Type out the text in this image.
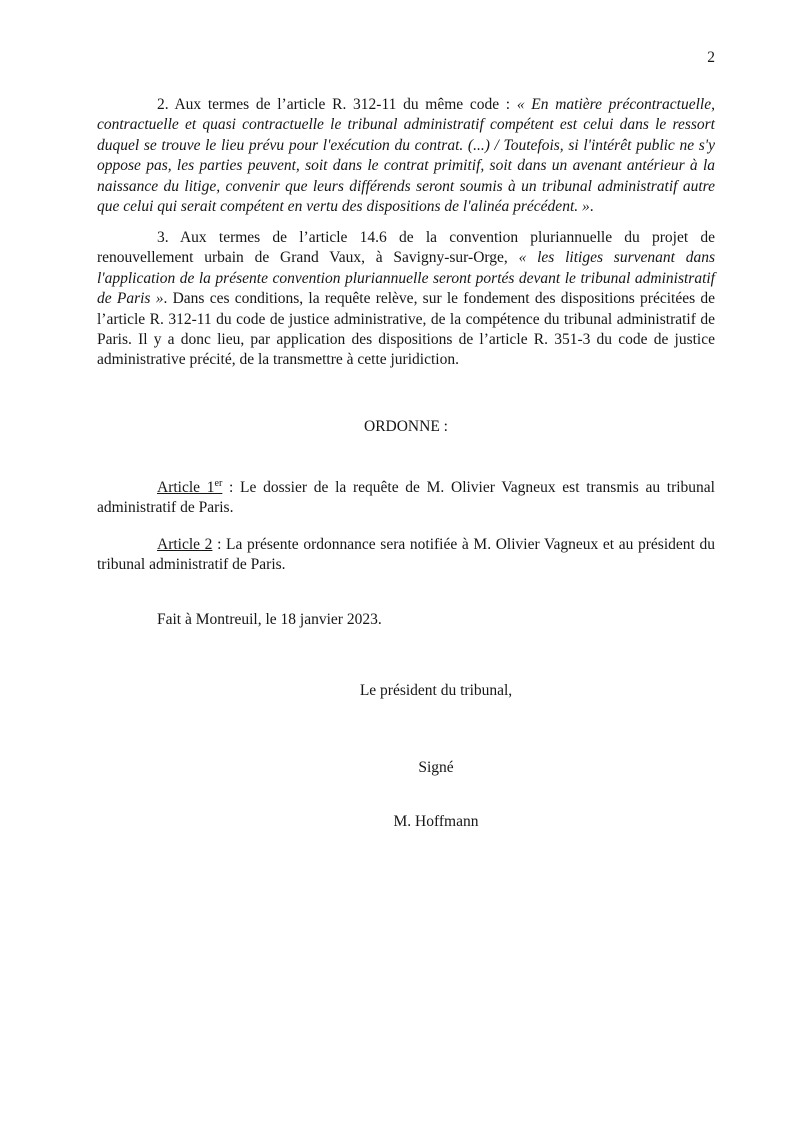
2

2. Aux termes de l’article R. 312-11 du même code : « En matière précontractuelle, contractuelle et quasi contractuelle le tribunal administratif compétent est celui dans le ressort duquel se trouve le lieu prévu pour l'exécution du contrat. (...) / Toutefois, si l'intérêt public ne s'y oppose pas, les parties peuvent, soit dans le contrat primitif, soit dans un avenant antérieur à la naissance du litige, convenir que leurs différends seront soumis à un tribunal administratif autre que celui qui serait compétent en vertu des dispositions de l'alinéa précédent. ».

3. Aux termes de l’article 14.6 de la convention pluriannuelle du projet de renouvellement urbain de Grand Vaux, à Savigny-sur-Orge, « les litiges survenant dans l'application de la présente convention pluriannuelle seront portés devant le tribunal administratif de Paris ». Dans ces conditions, la requête relève, sur le fondement des dispositions précitées de l’article R. 312-11 du code de justice administrative, de la compétence du tribunal administratif de Paris. Il y a donc lieu, par application des dispositions de l’article R. 351-3 du code de justice administrative précité, de la transmettre à cette juridiction.

ORDONNE :

Article 1er : Le dossier de la requête de M. Olivier Vagneux est transmis au tribunal administratif de Paris.

Article 2 : La présente ordonnance sera notifiée à M. Olivier Vagneux et au président du tribunal administratif de Paris.

Fait à Montreuil, le 18 janvier 2023.

Le président du tribunal,

Signé

M. Hoffmann
